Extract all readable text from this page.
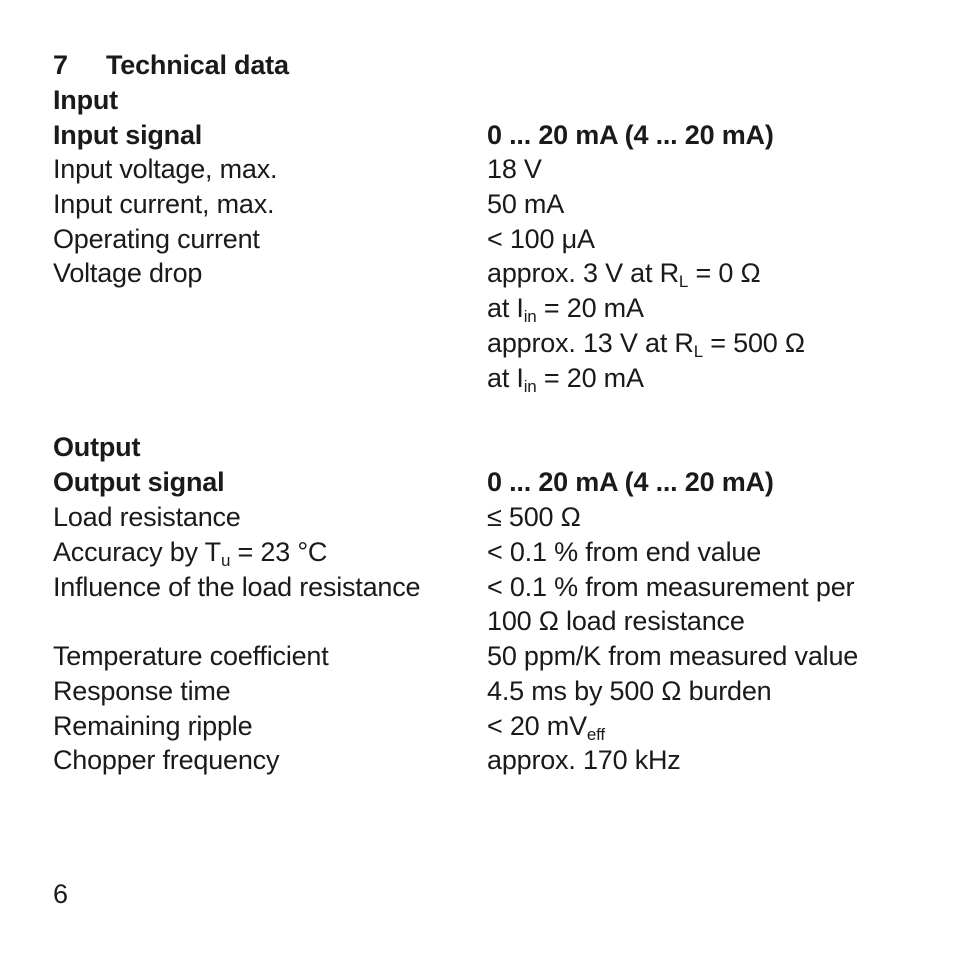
7 Technical data
Input
Input signal	0 ... 20 mA (4 ... 20 mA)
Input voltage, max.	18 V
Input current, max.	50 mA
Operating current	< 100 μA
Voltage drop	approx. 3 V at $R_L = 0$ Ω
at $I_{in} = 20$ mA
approx. 13 V at $R_L = 500$ Ω
at $I_{in} = 20$ mA
Output
Output signal	0 ... 20 mA (4 ... 20 mA)
Load resistance	≤ 500 Ω
Accuracy by $T_u = 23$ °C	< 0.1 % from end value
Influence of the load resistance < 0.1 % from measurement per
100 Ω load resistance
Temperature coefficient	50 ppm/K from measured value
Response time	4.5 ms by 500 Ω burden
Remaining ripple	< 20 $mV_{eff}$
Chopper frequency	approx. 170 kHz
6
